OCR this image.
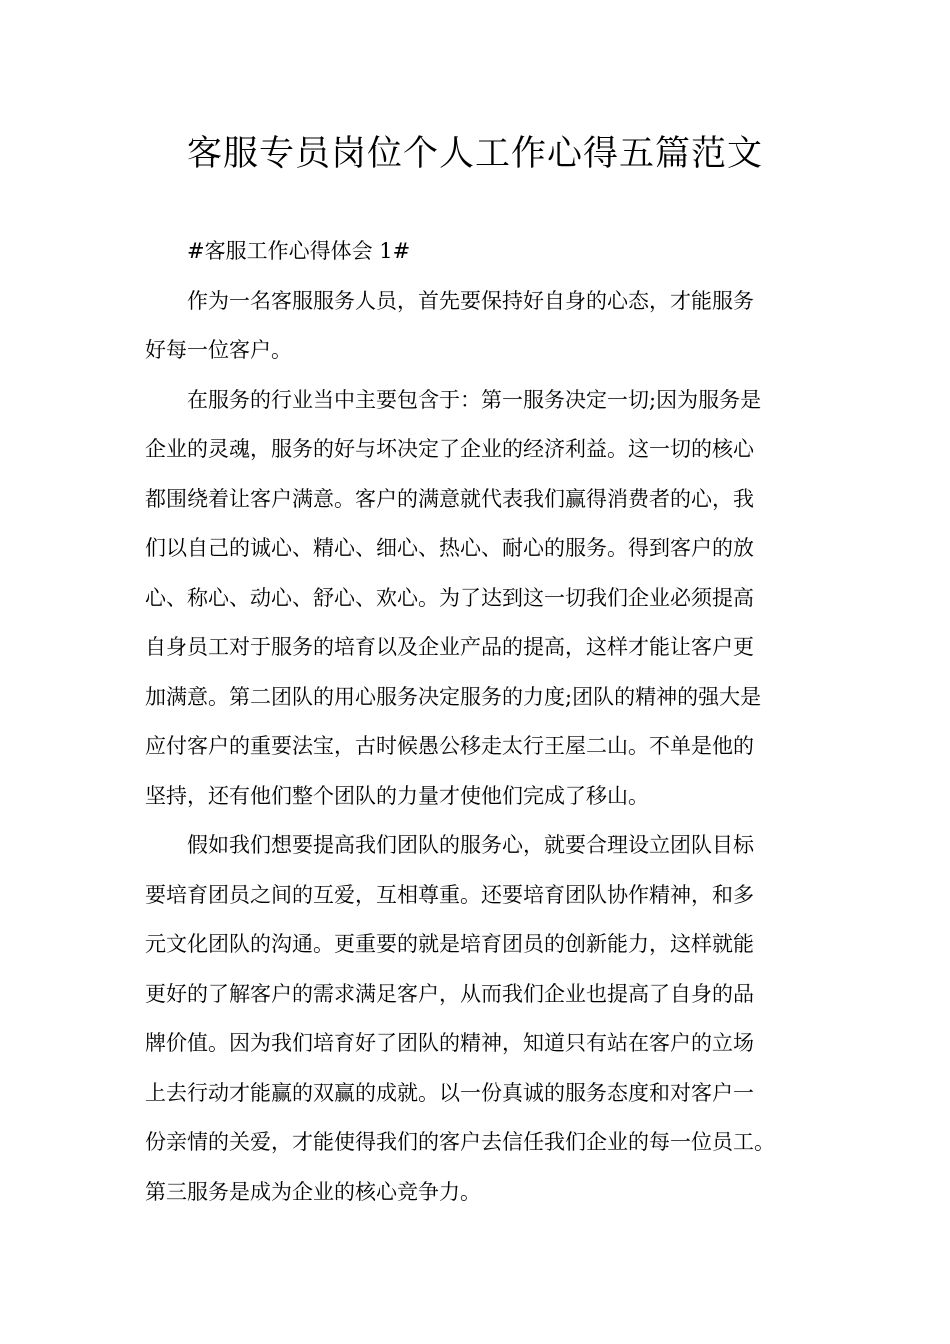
客服专员岗位个人工作心得五篇范文

#客服工作心得体会 1#

作为一名客服服务人员，首先要保持好自身的心态，才能服务
好每一位客户。

在服务的行业当中主要包含于：第一服务决定一切;因为服务是
企业的灵魂，服务的好与坏决定了企业的经济利益。这一切的核心
都围绕着让客户满意。客户的满意就代表我们赢得消费者的心，我
们以自己的诚心、精心、细心、热心、耐心的服务。得到客户的放
心、称心、动心、舒心、欢心。为了达到这一切我们企业必须提高
自身员工对于服务的培育以及企业产品的提高，这样才能让客户更
加满意。第二团队的用心服务决定服务的力度;团队的精神的强大是
应付客户的重要法宝，古时候愚公移走太行王屋二山。不单是他的
坚持，还有他们整个团队的力量才使他们完成了移山。

假如我们想要提高我们团队的服务心，就要合理设立团队目标
要培育团员之间的互爱，互相尊重。还要培育团队协作精神，和多
元文化团队的沟通。更重要的就是培育团员的创新能力，这样就能
更好的了解客户的需求满足客户，从而我们企业也提高了自身的品
牌价值。因为我们培育好了团队的精神，知道只有站在客户的立场
上去行动才能赢的双赢的成就。以一份真诚的服务态度和对客户一
份亲情的关爱，才能使得我们的客户去信任我们企业的每一位员工。
第三服务是成为企业的核心竞争力。
